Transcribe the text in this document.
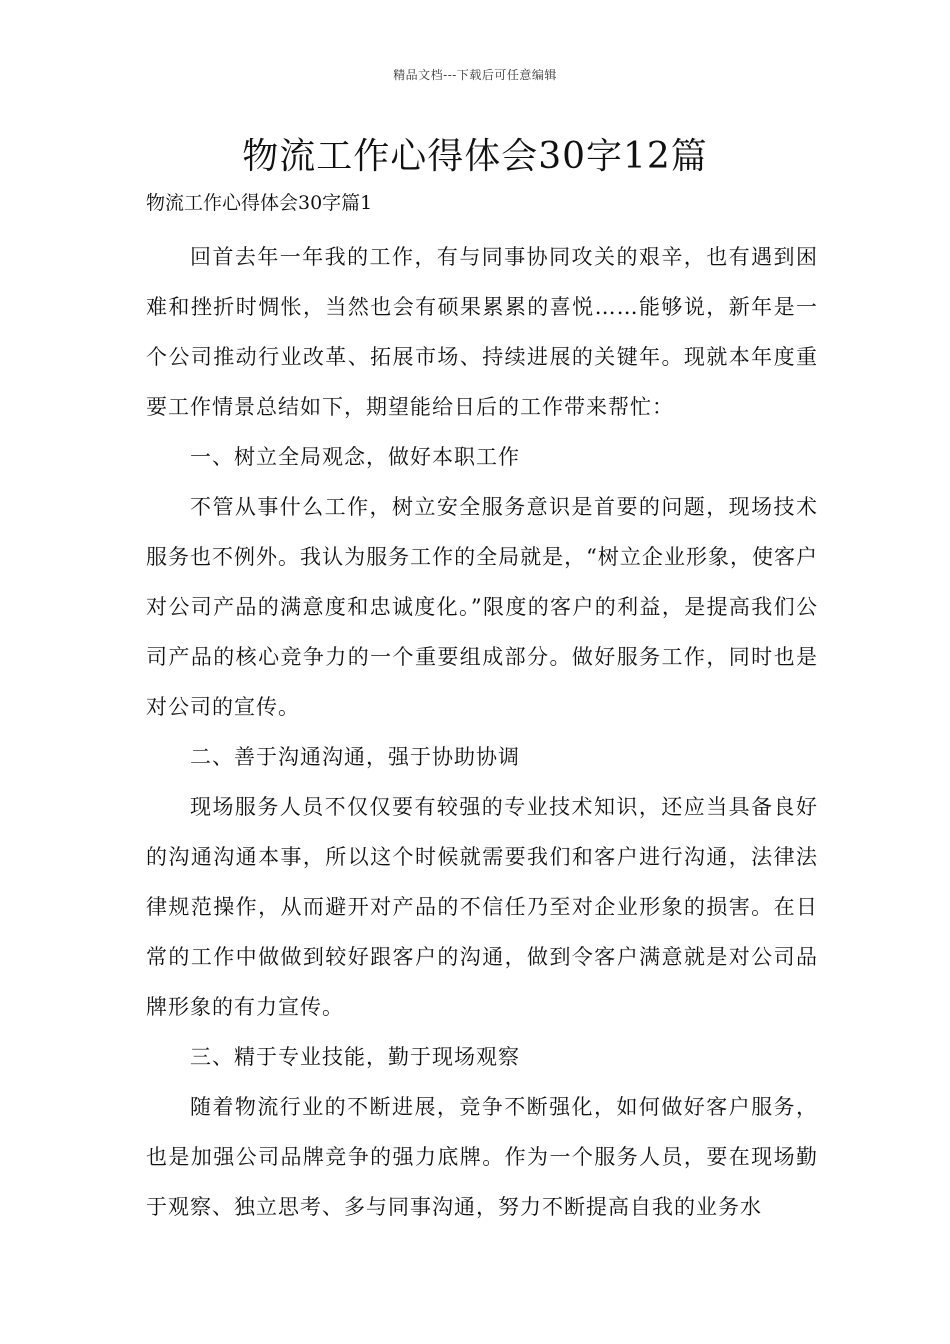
精品文档---下载后可任意编辑
物流工作心得体会30字12篇
物流工作心得体会30字篇1

回首去年一年我的工作，有与同事协同攻关的艰辛，也有遇到困难和挫折时惆怅，当然也会有硕果累累的喜悦……能够说，新年是一个公司推动行业改革、拓展市场、持续进展的关键年。现就本年度重要工作情景总结如下，期望能给日后的工作带来帮忙：

一、树立全局观念，做好本职工作

不管从事什么工作，树立安全服务意识是首要的问题，现场技术服务也不例外。我认为服务工作的全局就是，“树立企业形象，使客户对公司产品的满意度和忠诚度化。”限度的客户的利益，是提高我们公司产品的核心竞争力的一个重要组成部分。做好服务工作，同时也是对公司的宣传。

二、善于沟通沟通，强于协助协调

现场服务人员不仅仅要有较强的专业技术知识，还应当具备良好的沟通沟通本事，所以这个时候就需要我们和客户进行沟通，法律法律规范操作，从而避开对产品的不信任乃至对企业形象的损害。在日常的工作中做做到较好跟客户的沟通，做到令客户满意就是对公司品牌形象的有力宣传。

三、精于专业技能，勤于现场观察

随着物流行业的不断进展，竞争不断强化，如何做好客户服务，也是加强公司品牌竞争的强力底牌。作为一个服务人员，要在现场勤于观察、独立思考、多与同事沟通，努力不断提高自我的业务水
